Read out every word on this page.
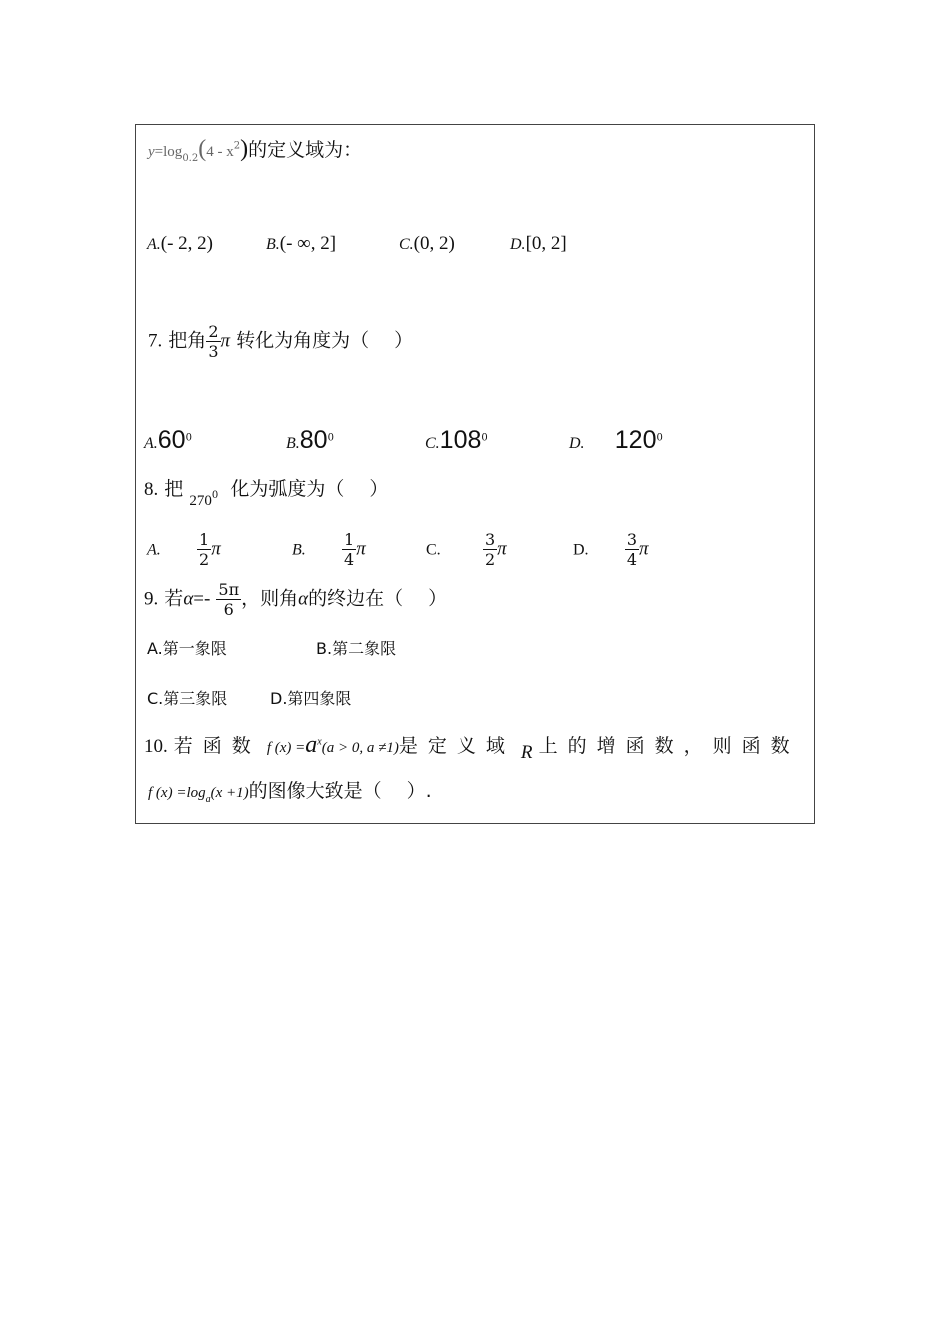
$y=\log_{0.2}(4 - x^2)$的定义域为：
A.(- 2, 2)	B.(- ∞, 2]	C.(0, 2)	D.[0, 2]
7. 把角 $\frac{2}{3}$ π 转化为角度为（　 ）
$A.60^0$	$B.80^0$	C.108$^0$	D. $120^0$
8. 把 $_{270}^0$ 化为弧度为（　 ）
A. $\frac{1}{2}$ π	B. $\frac{1}{4}$ π	C.	$\frac{3}{2}$ π	D. $\frac{3}{4}$ π
9. 若$\alpha=- \frac{5\pi}{6}$ ，则角α的终边在（　 ）
A.第一象限	B.第二象限
C.第三象限	D.第四象限
10. 若函数 f $(x) =a^x(a > 0$, a ≠1)是定义域 R 上的增函数，则函数
f $(x) =\log_a(x +1)$的图像大致是（　 ）.
